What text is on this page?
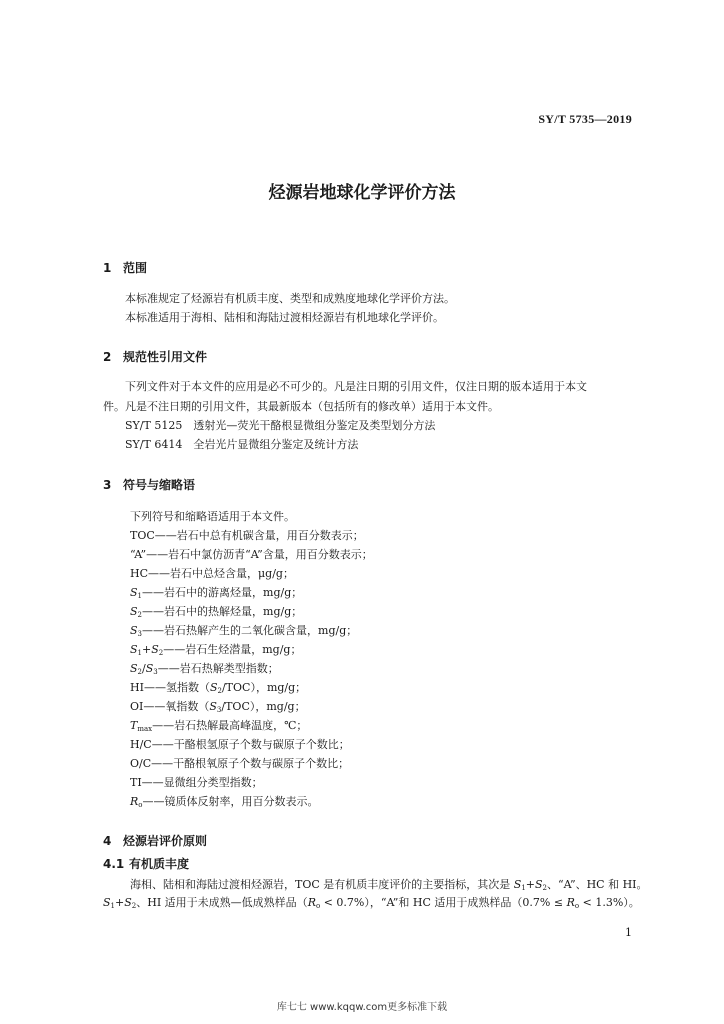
SY/T 5735—2019
烃源岩地球化学评价方法
1 范围
本标准规定了烃源岩有机质丰度、类型和成熟度地球化学评价方法。
本标准适用于海相、陆相和海陆过渡相烃源岩有机地球化学评价。
2 规范性引用文件
下列文件对于本文件的应用是必不可少的。凡是注日期的引用文件，仅注日期的版本适用于本文
件。凡是不注日期的引用文件，其最新版本（包括所有的修改单）适用于本文件。
SY/T 5125　透射光—荧光干酪根显微组分鉴定及类型划分方法
SY/T 6414　全岩光片显微组分鉴定及统计方法
3 符号与缩略语
下列符号和缩略语适用于本文件。
TOC——岩石中总有机碳含量，用百分数表示；
“A”——岩石中氯仿沥青“A”含量，用百分数表示；
HC——岩石中总烃含量，μg/g；
$S_1——$岩石中的游离烃量，mg/g；
$S_2——$岩石中的热解烃量，mg/g；
$S_3——$岩石热解产生的二氧化碳含量，mg/g；
$S_1+S_2——$岩石生烃潜量，mg/g；
$S_2/S_3——$岩石热解类型指数；
HI——氢指数$(S_2/TOC)$，mg/g；
OI——氧指数$(S_3/TOC)$，mg/g；
$T_{max}——$岩石热解最高峰温度，℃；
H/C——干酪根氢原子个数与碳原子个数比；
O/C——干酪根氧原子个数与碳原子个数比；
TI——显微组分类型指数；
$R_o——$镜质体反射率，用百分数表示。
4 烃源岩评价原则
4.1 有机质丰度
海相、陆相和海陆过渡相烃源岩，TOC 是有机质丰度评价的主要指标，其次是 $S_1+S_2$、“A”、HC 和 HI。
$S_1+S_2$、HI 适用于未成熟—低成熟样品$(R_o < 0.7\%)$，“A”和 HC 适用于成熟样品$(0.7\% \le R_o < 1.3\%)$。
1
库七七 www.kqqw.com更多标准下载
